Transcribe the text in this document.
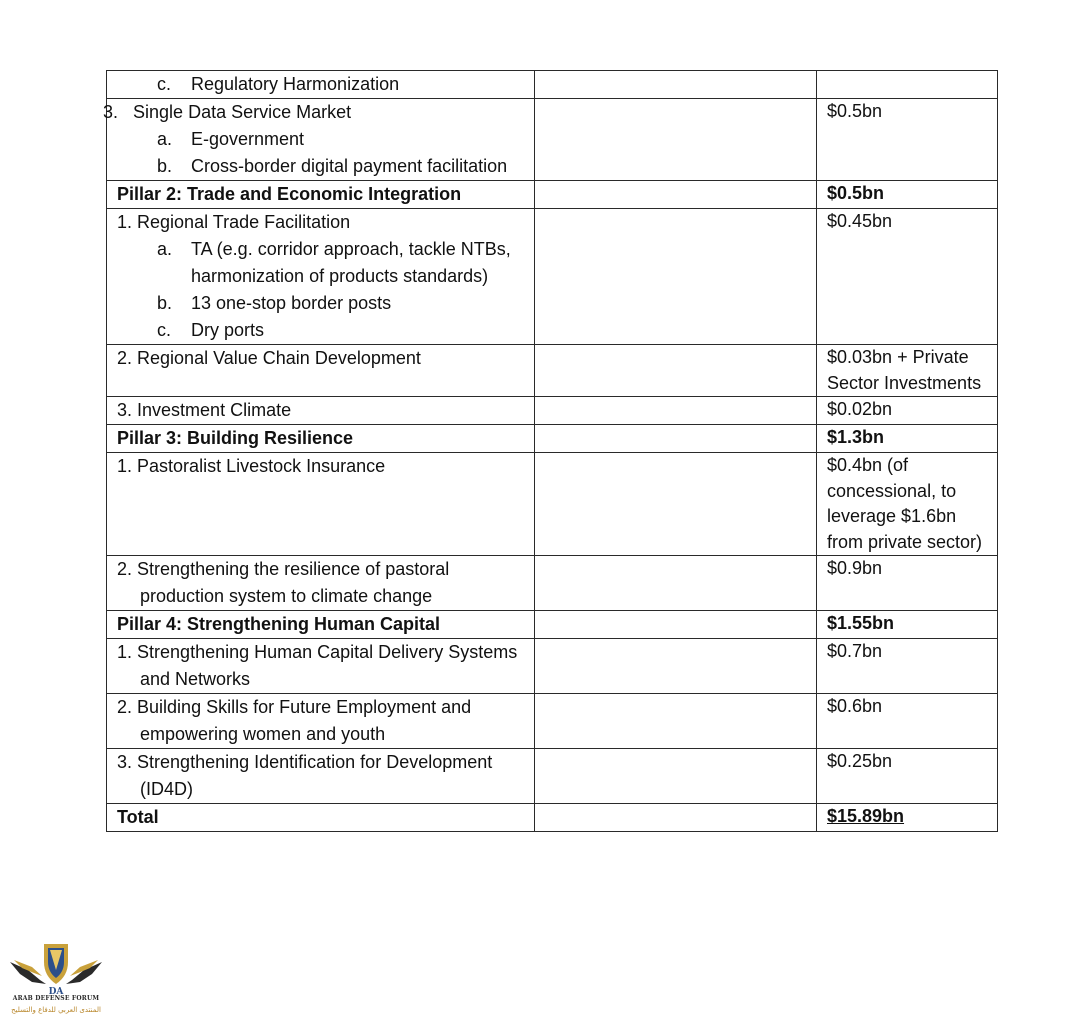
c. Regulatory Harmonization		

3. Single Data Service Market
a. E-government
b. Cross-border digital payment facilitation		$0.5bn
Pillar 2: Trade and Economic Integration		$0.5bn

1. Regional Trade Facilitation
a. TA (e.g. corridor approach, tackle NTBs, harmonization of products standards)
b. 13 one-stop border posts
c. Dry ports		$0.45bn

2. Regional Value Chain Development		$0.03bn + Private Sector Investments

3. Investment Climate		$0.02bn
Pillar 3: Building Resilience		$1.3bn

1. Pastoralist Livestock Insurance		$0.4bn (of concessional, to leverage $1.6bn from private sector)

2. Strengthening the resilience of pastoral production system to climate change		$0.9bn
Pillar 4: Strengthening Human Capital		$1.55bn

1. Strengthening Human Capital Delivery Systems and Networks		$0.7bn

2. Building Skills for Future Employment and empowering women and youth		$0.6bn

3. Strengthening Identification for Development (ID4D)		$0.25bn
Total		$15.89bn
DA
ARAB DEFENSE FORUM
المنتدى العربي للدفاع والتسليح
